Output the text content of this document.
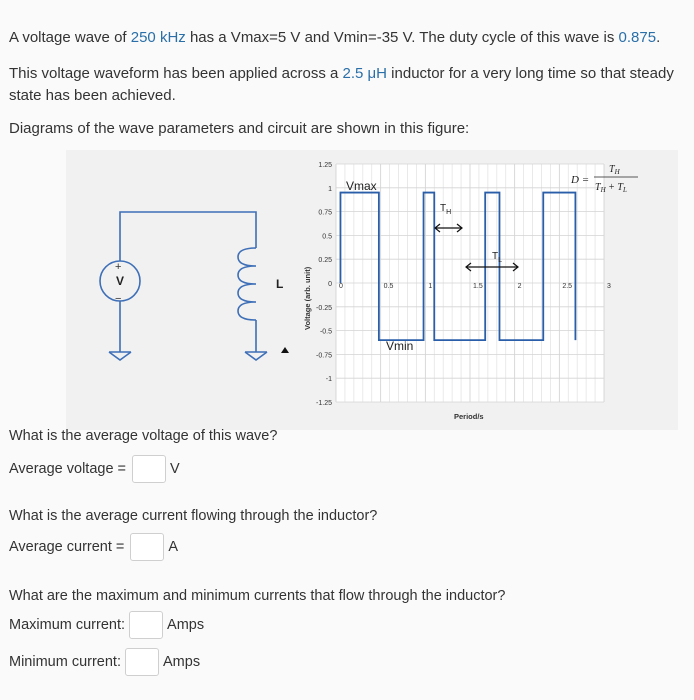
A voltage wave of 250 kHz has a Vmax=5 V and Vmin=-35 V. The duty cycle of this wave is 0.875.
This voltage waveform has been applied across a 2.5 μH inductor for a very long time so that steady
state has been achieved.
Diagrams of the wave parameters and circuit are shown in this figure:
+
−
V	L
1.25
1
0.75
0.5
0.25
0
-0.25
-0.5
-0.75
-1
-1.25
0	0.5	1	1.5	2	2.5	3
Voltage (arb. unit)
Period/s
Vmax
Vmin
$T_H$
$T_L$
D =
$T_H$
$T_H + T_L$
What is the average voltage of this wave?
Average voltage =	V
What is the average current flowing through the inductor?
Average current =	A
What are the maximum and minimum currents that flow through the inductor?
Maximum current:	Amps
Minimum current:	Amps
